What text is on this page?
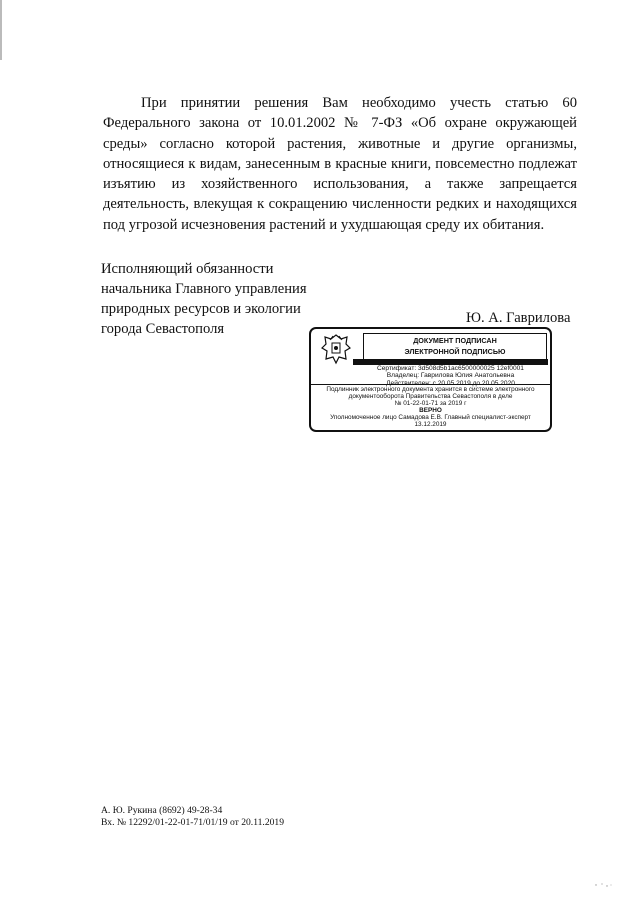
При принятии решения Вам необходимо учесть статью 60 Федерального закона от 10.01.2002 № 7-ФЗ «Об охране окружающей среды» согласно которой растения, животные и другие организмы, относящиеся к видам, занесенным в красные книги, повсеместно подлежат изъятию из хозяйственного использования, а также запрещается деятельность, влекущая к сокращению численности редких и находящихся под угрозой исчезновения растений и ухудшающая среду их обитания.

Исполняющий обязанности
начальника Главного управления
природных ресурсов и экологии
города Севастополя
Ю. А. Гаврилова
ДОКУМЕНТ ПОДПИСАН
ЭЛЕКТРОННОЙ ПОДПИСЬЮ
Сертификат: 3d508d5b1ac6500000025 12ef0001
Владелец: Гаврилова Юлия Анатольевна
Действителен: с 20.05.2019 до 20.05.2020
Подлинник электронного документа хранится в системе электронного документооборота Правительства Севастополя в деле
№ 01-22-01-71 за 2019 г
ВЕРНО
Уполномоченное лицо Самадова Е.В. Главный специалист-эксперт
13.12.2019
А. Ю. Рукина (8692) 49-28-34
Вх. № 12292/01-22-01-71/01/19 от 20.11.2019
